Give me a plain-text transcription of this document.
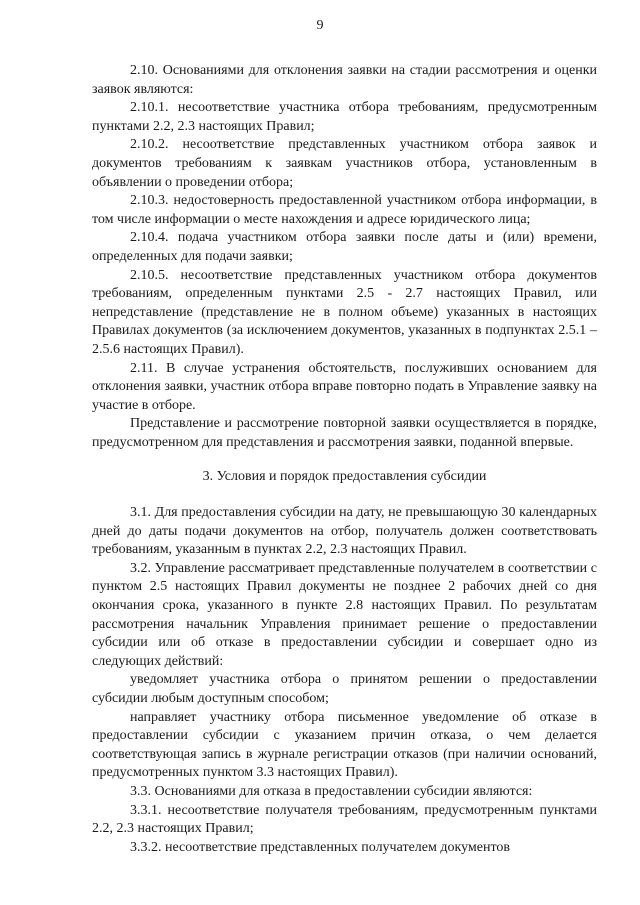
9

2.10. Основаниями для отклонения заявки на стадии рассмотрения и оценки заявок являются:

2.10.1. несоответствие участника отбора требованиям, предусмотренным пунктами 2.2, 2.3 настоящих Правил;

2.10.2. несоответствие представленных участником отбора заявок и документов требованиям к заявкам участников отбора, установленным в объявлении о проведении отбора;

2.10.3. недостоверность предоставленной участником отбора информации, в том числе информации о месте нахождения и адресе юридического лица;

2.10.4. подача участником отбора заявки после даты и (или) времени, определенных для подачи заявки;

2.10.5. несоответствие представленных участником отбора документов требованиям, определенным пунктами 2.5 - 2.7 настоящих Правил, или непредставление (представление не в полном объеме) указанных в настоящих Правилах документов (за исключением документов, указанных в подпунктах 2.5.1 – 2.5.6 настоящих Правил).

2.11. В случае устранения обстоятельств, послуживших основанием для отклонения заявки, участник отбора вправе повторно подать в Управление заявку на участие в отборе.

Представление и рассмотрение повторной заявки осуществляется в порядке, предусмотренном для представления и рассмотрения заявки, поданной впервые.

3. Условия и порядок предоставления субсидии

3.1. Для предоставления субсидии на дату, не превышающую 30 календарных дней до даты подачи документов на отбор, получатель должен соответствовать требованиям, указанным в пунктах 2.2, 2.3 настоящих Правил.

3.2. Управление рассматривает представленные получателем в соответствии с пунктом 2.5 настоящих Правил документы не позднее 2 рабочих дней со дня окончания срока, указанного в пункте 2.8 настоящих Правил. По результатам рассмотрения начальник Управления принимает решение о предоставлении субсидии или об отказе в предоставлении субсидии и совершает одно из следующих действий:

уведомляет участника отбора о принятом решении о предоставлении субсидии любым доступным способом;

направляет участнику отбора письменное уведомление об отказе в предоставлении субсидии с указанием причин отказа, о чем делается соответствующая запись в журнале регистрации отказов (при наличии оснований, предусмотренных пунктом 3.3 настоящих Правил).

3.3. Основаниями для отказа в предоставлении субсидии являются:

3.3.1. несоответствие получателя требованиям, предусмотренным пунктами 2.2, 2.3 настоящих Правил;

3.3.2. несоответствие представленных получателем документов
